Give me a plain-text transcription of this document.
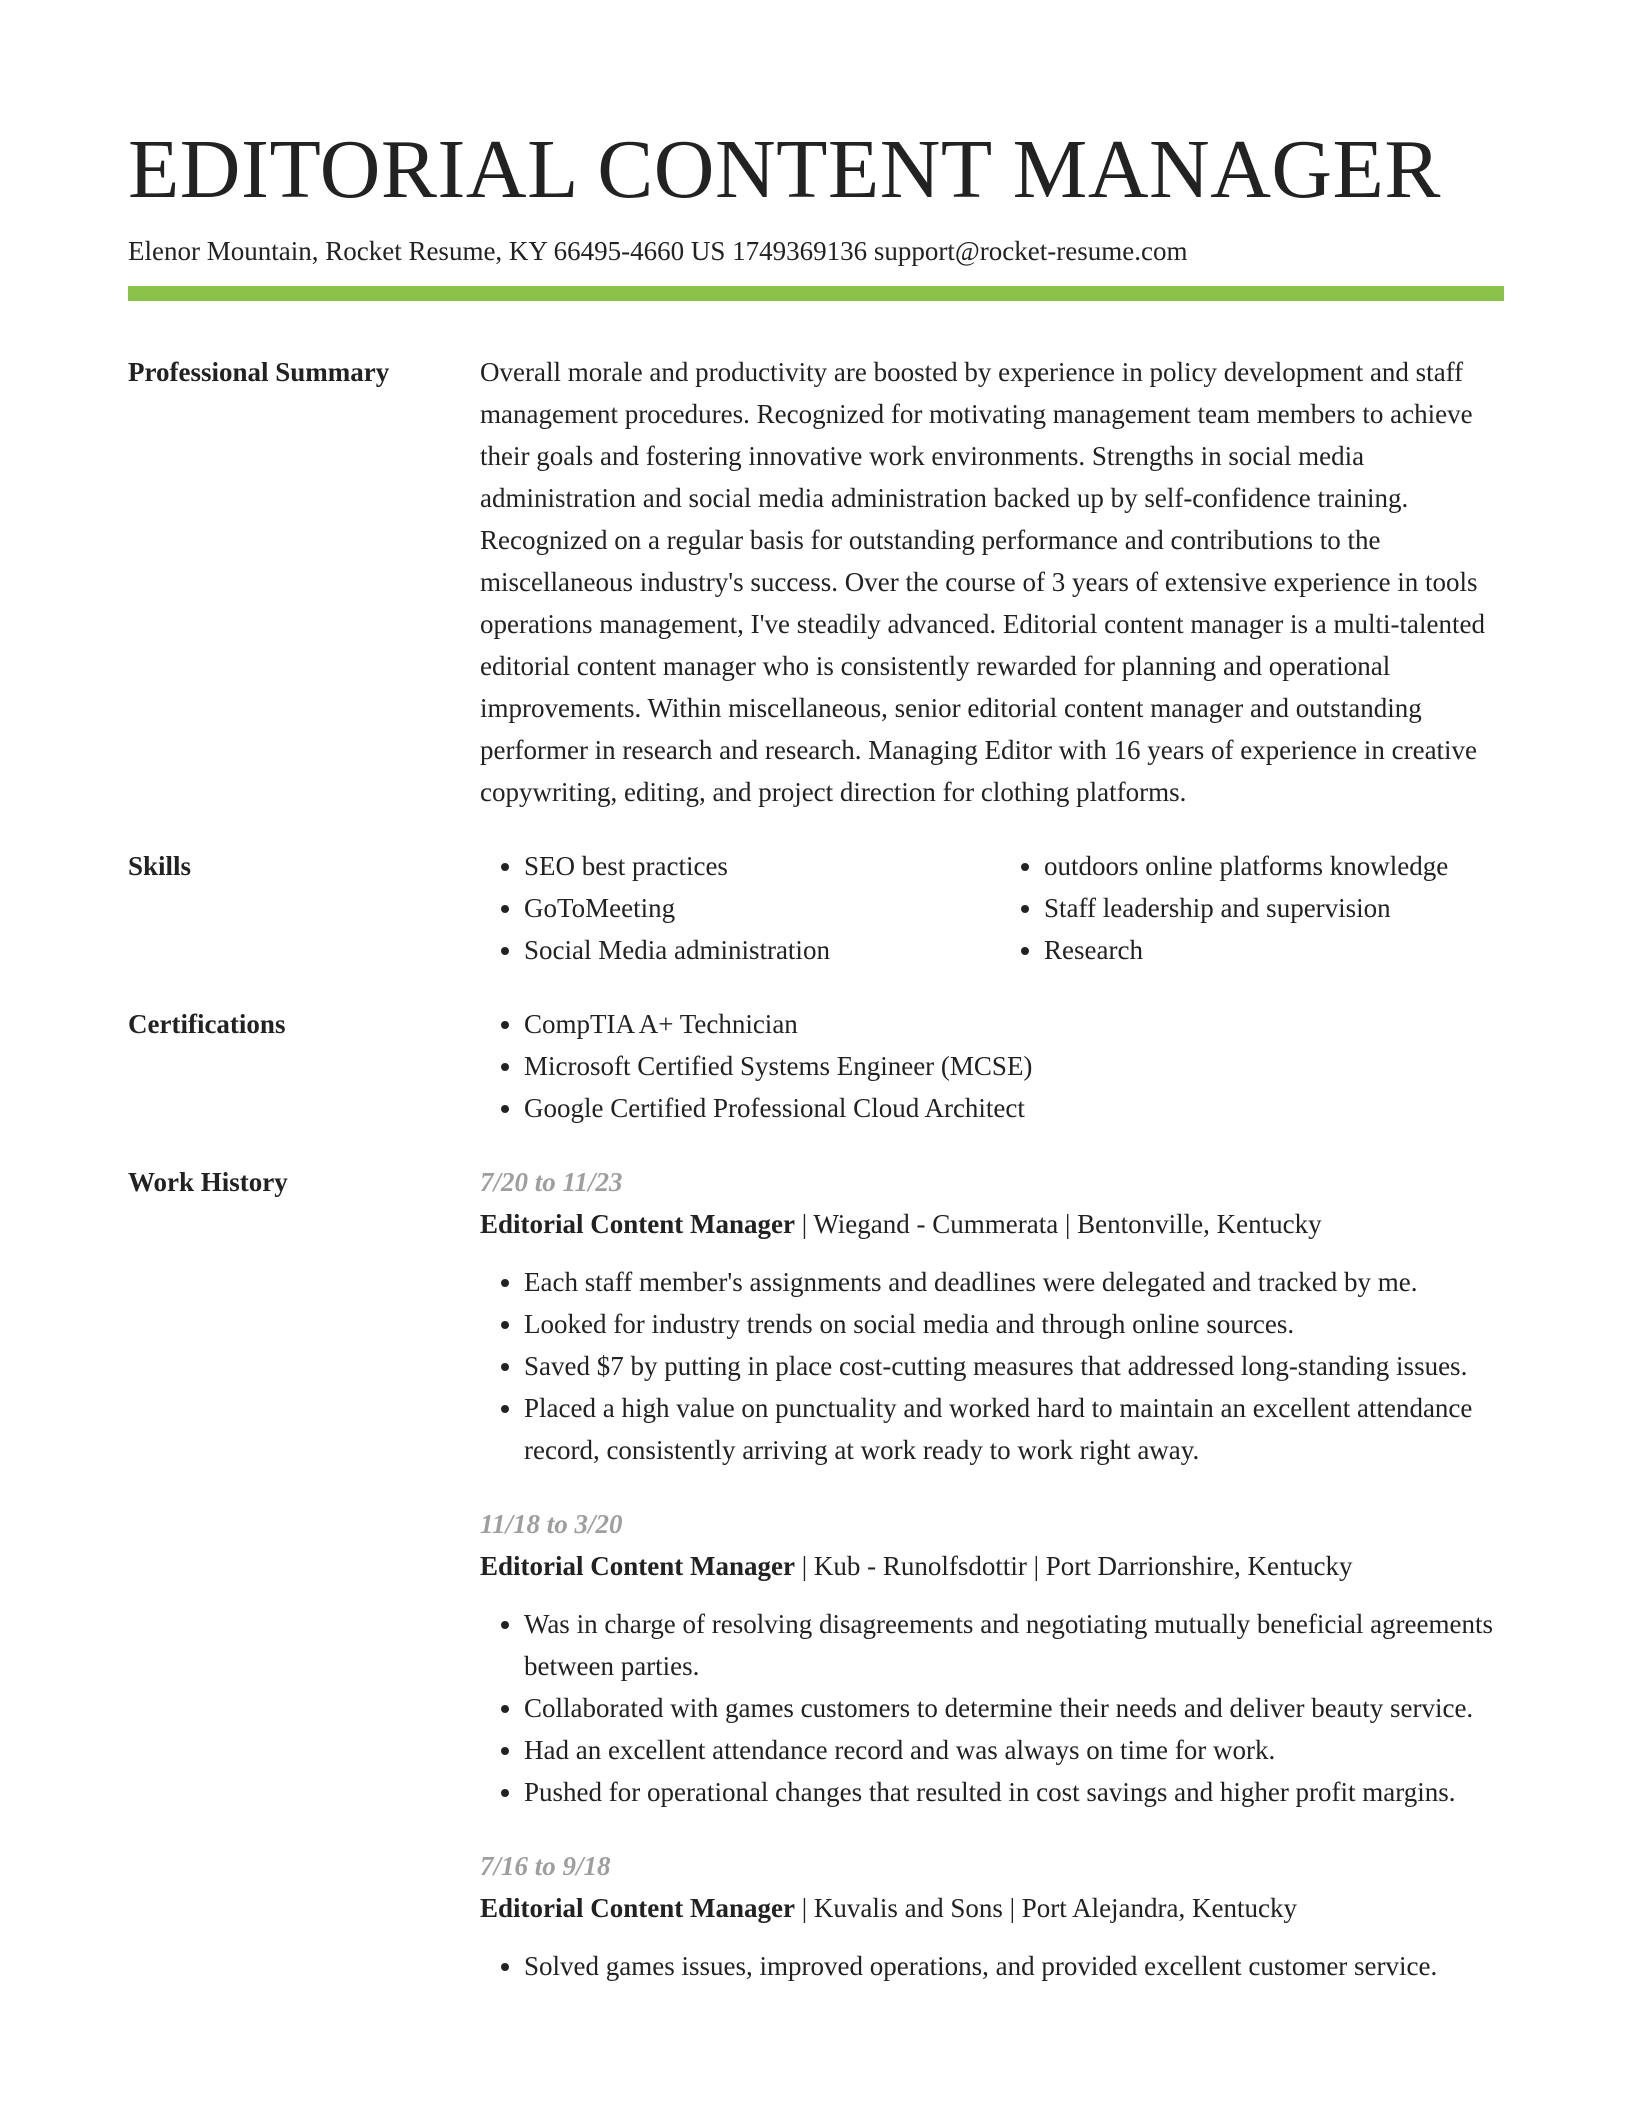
EDITORIAL CONTENT MANAGER
Elenor Mountain, Rocket Resume, KY 66495-4660 US 1749369136 support@rocket-resume.com
Professional Summary	Overall morale and productivity are boosted by experience in policy development and staff management procedures. Recognized for motivating management team members to achieve their goals and fostering innovative work environments. Strengths in social media administration and social media administration backed up by self-confidence training. Recognized on a regular basis for outstanding performance and contributions to the miscellaneous industry's success. Over the course of 3 years of extensive experience in tools operations management, I've steadily advanced. Editorial content manager is a multi-talented editorial content manager who is consistently rewarded for planning and operational improvements. Within miscellaneous, senior editorial content manager and outstanding performer in research and research. Managing Editor with 16 years of experience in creative copywriting, editing, and project direction for clothing platforms.

Skills	• SEO best practices
• GoToMeeting
• Social Media administration
• outdoors online platforms knowledge
• Staff leadership and supervision
• Research
Certifications	• CompTIA A+ Technician
• Microsoft Certified Systems Engineer (MCSE)
• Google Certified Professional Cloud Architect
Work History	7/20 to 11/23
Editorial Content Manager | Wiegand - Cummerata | Bentonville, Kentucky
• Each staff member's assignments and deadlines were delegated and tracked by me.
• Looked for industry trends on social media and through online sources.
• Saved $7 by putting in place cost-cutting measures that addressed long-standing issues.
• Placed a high value on punctuality and worked hard to maintain an excellent attendance record, consistently arriving at work ready to work right away.
11/18 to 3/20
Editorial Content Manager | Kub - Runolfsdottir | Port Darrionshire, Kentucky
• Was in charge of resolving disagreements and negotiating mutually beneficial agreements between parties.
• Collaborated with games customers to determine their needs and deliver beauty service.
• Had an excellent attendance record and was always on time for work.
• Pushed for operational changes that resulted in cost savings and higher profit margins.
7/16 to 9/18
Editorial Content Manager | Kuvalis and Sons | Port Alejandra, Kentucky
• Solved games issues, improved operations, and provided excellent customer service.
